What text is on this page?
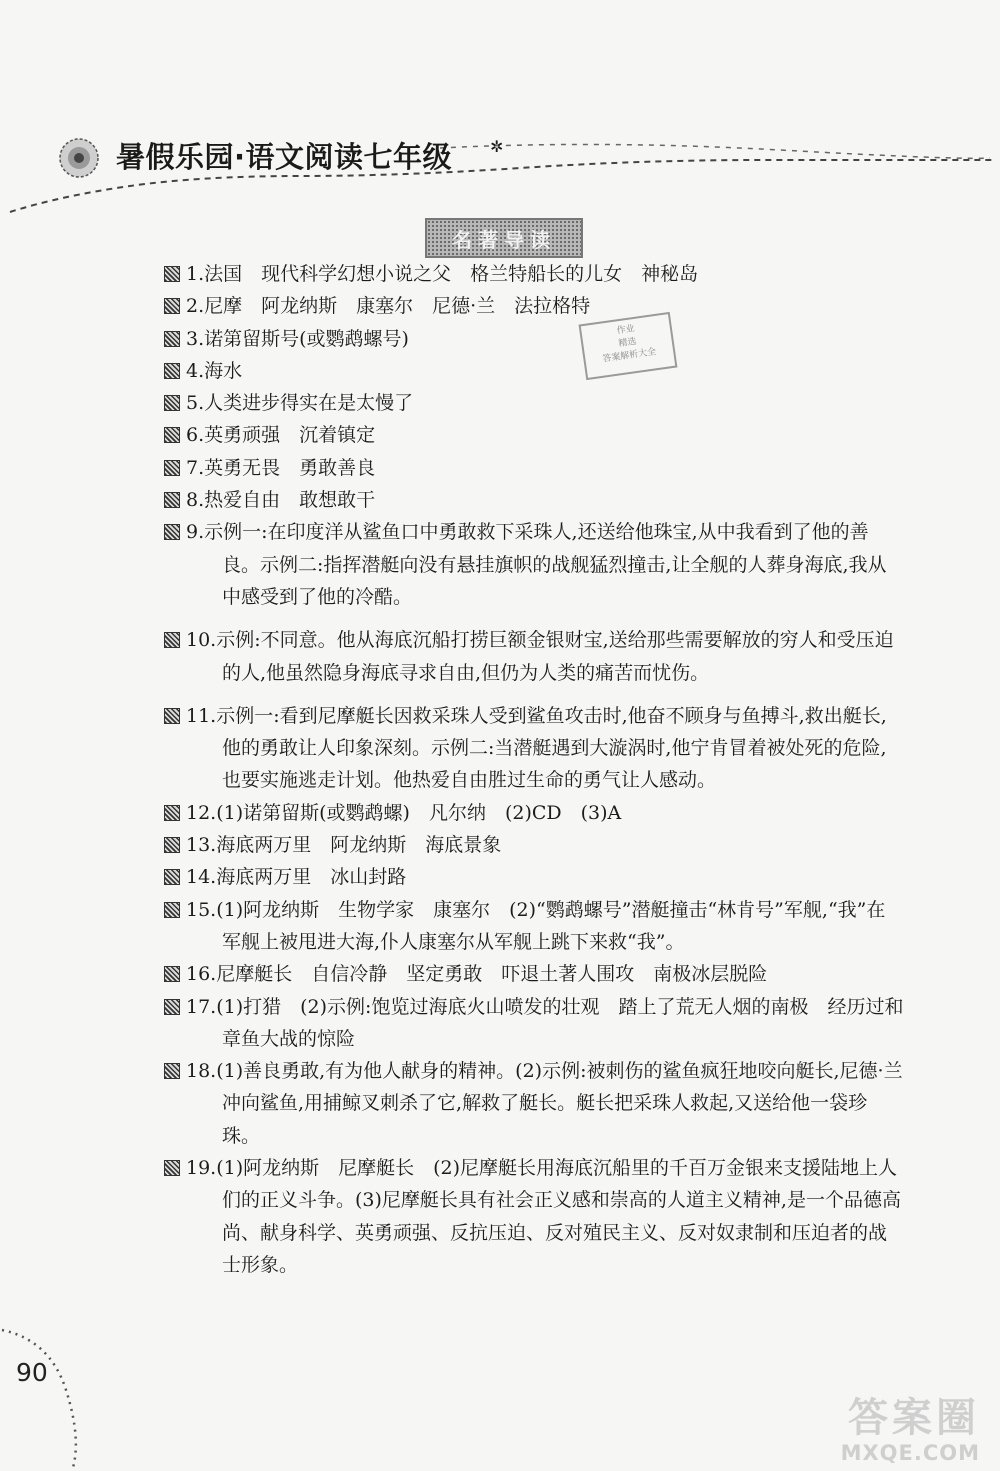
暑假乐园·语文阅读七年级 ✲
名著导读
作业
精选
答案解析大全
1.法国　现代科学幻想小说之父　格兰特船长的儿女　神秘岛
2.尼摩　阿龙纳斯　康塞尔　尼德·兰　法拉格特
3.诺第留斯号(或鹦鹉螺号)
4.海水
5.人类进步得实在是太慢了
6.英勇顽强　沉着镇定
7.英勇无畏　勇敢善良
8.热爱自由　敢想敢干
9.示例一:在印度洋从鲨鱼口中勇敢救下采珠人,还送给他珠宝,从中我看到了他的善良。示例二:指挥潜艇向没有悬挂旗帜的战舰猛烈撞击,让全舰的人葬身海底,我从中感受到了他的冷酷。
10.示例:不同意。他从海底沉船打捞巨额金银财宝,送给那些需要解放的穷人和受压迫的人,他虽然隐身海底寻求自由,但仍为人类的痛苦而忧伤。
11.示例一:看到尼摩艇长因救采珠人受到鲨鱼攻击时,他奋不顾身与鱼搏斗,救出艇长,他的勇敢让人印象深刻。示例二:当潜艇遇到大漩涡时,他宁肯冒着被处死的危险,也要实施逃走计划。他热爱自由胜过生命的勇气让人感动。
12.(1)诺第留斯(或鹦鹉螺)　凡尔纳　(2)CD　(3)A
13.海底两万里　阿龙纳斯　海底景象
14.海底两万里　冰山封路
15.(1)阿龙纳斯　生物学家　康塞尔　(2)“鹦鹉螺号”潜艇撞击“林肯号”军舰,“我”在军舰上被甩进大海,仆人康塞尔从军舰上跳下来救“我”。
16.尼摩艇长　自信冷静　坚定勇敢　吓退土著人围攻　南极冰层脱险
17.(1)打猎　(2)示例:饱览过海底火山喷发的壮观　踏上了荒无人烟的南极　经历过和章鱼大战的惊险
18.(1)善良勇敢,有为他人献身的精神。(2)示例:被刺伤的鲨鱼疯狂地咬向艇长,尼德·兰冲向鲨鱼,用捕鲸叉刺杀了它,解救了艇长。艇长把采珠人救起,又送给他一袋珍珠。
19.(1)阿龙纳斯　尼摩艇长　(2)尼摩艇长用海底沉船里的千百万金银来支援陆地上人们的正义斗争。(3)尼摩艇长具有社会正义感和崇高的人道主义精神,是一个品德高尚、献身科学、英勇顽强、反抗压迫、反对殖民主义、反对奴隶制和压迫者的战士形象。
90
答案圈
MXQE.COM
